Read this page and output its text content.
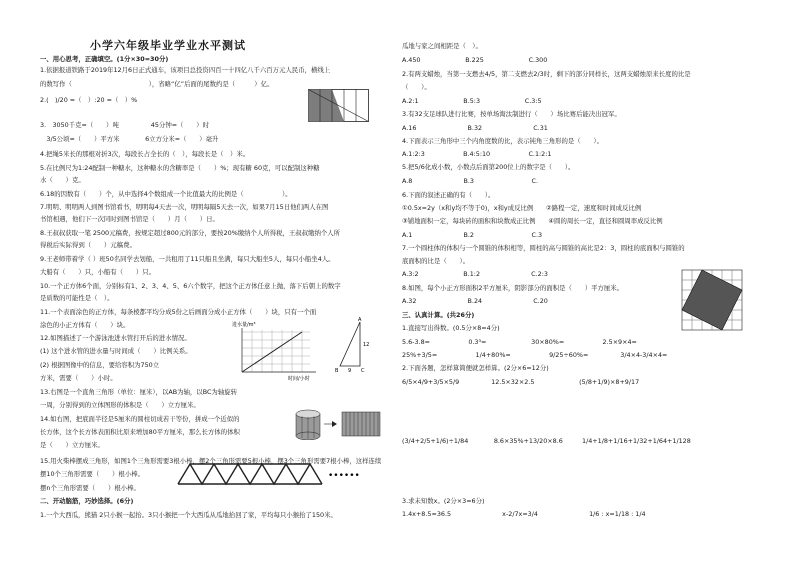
小学六年级毕业学业水平测试
一、用心思考，正确填空。(1分×30=30分)
1.依据报道铁路于2019年12月6日正式通车，该项目总投资四百一十四亿八千六百万元人民币，横线上
的数写作（　　　　　　　　　　　　），省略“亿”后面的尾数约是（　　　）亿。
2.(　)/20 =（　）:20 =（　）%
3.　3050千克=（　　）吨　　　　　45分钟=（　　）时
　3/5公顷=（　　）平方米　　　　6立方分米=（　　）毫升
4.把绳5米长的那根对折3次，每段长占全长的（　），每段长是（　）米。
5.在比例尺为1:24配制一种糖水，这种糖水的含糖率是（　　）%；现有糖 60克，可以配制这种糖
水（　　）克。
6.18的因数有（　　）个，从中选择4个数组成一个比值最大的比例是（　　　　　　）。
7.明明、明明两人到图书馆看书，明明每4天去一次，明明每隔5天去一次，如果7月15日他们两人在图
书馆相遇，他们下一次同时到图书馆是（　　）月（　　）日。
8.王叔叔获取一笔 2500元稿费，按规定超过800元的部分，要按20%缴纳个人所得税，王叔叔缴纳个人所
得税后实际得到（　　）元稿费。
9.王老师带着学（ ）班50名同学去划船，一共租用了11只船且坐满，每只大船坐5人，每只小船坐4人。
大船有（　　）只，小船有（　　）只。
10.一个正方体6个面，分别标有1、2、3、4、5、6六个数字，把这个正方体任意上抛，落下后朝上的数字
是质数的可能性是（　）。
11.一个表面涂色的正方体，每条棱都平均分成5份之后画面分成小正方体（　　）块，只有一个面
涂色的小正方体有（　　）块。
12.如图描述了一个游泳池进水管打开后的进水情况。
(1) 这个进水管的进水量与时间成（　　）比例关系。
(2) 根据图像中的信息，要给容积为750立
方米，需要（　　）小时。
13.右图是一个直角三角形（单位：厘米），以AB为轴，以BC为轴旋转
一周，分别得到的立体图形的体积是（　　）立方厘米。
14.如右图，把底面半径是5厘米的圆柱切成若干等份，拼成一个近似的
长方体，这个长方体表面积比原来增加80平方厘米，那么长方体的体积
是（　　）立方厘米。
15.用火柴棒摆成三角形，如图1个三角形需要3根小棒，摆2个三角形需要5根小棒，摆3个三角形需要7根小棒，这样连续
摆10个三角形需要（　　）根小棒。
摆n个三角形需要（　　）根小棒。
二、开动脑筋，巧妙选择。(6分)
1.一个大西瓜，熊猫 2只小猴一起抬。3只小猴把一个大西瓜从瓜地抬回了家，平均每只小猴抬了150米。
进水量/m³
时间/小时
A
B	C
12
9
••••••
瓜地与家之间相距是（　）。
A.450　　　　　　　B.225　　　　　　　C.300
2.有两支蜡烛，当第一支燃去4/5，第二支燃去2/3时，剩下的部分同样长，这两支蜡烛原来长度的比是
（　　）。
A.2:1　　　　　　　B.5:3　　　　　　　C.3:5
3.有32支足球队进行比赛，按单场淘汰制进行（　　）场比赛后能决出冠军。
A.16　　　　　　　　B.32　　　　　　　　C.31
4.下面表示三角形中三个内角度数的比，表示钝角三角形的是（　　）。
A.1:2:3　　　　　　B.4:5:10　　　　　　C.1:2:1
5.把5/6化成小数，小数点后面第200位上的数字是（　　）。
A.8　　　　　　　　B.3　　　　　　　　　C.
6.下面的叙述正确的有（　　）。
①0.5x=2y（x和y均不等于0)，x和y成反比例　　②路程一定，速度和时间成反比例
③铺地面积一定，每块砖的面积和块数成正比例　　④圆的周长一定，直径和圆周率成反比例
A.1　　　　　　　　B.2　　　　　　　　　C.3
7.一个圆柱体的体积与一个圆锥的体积相等，圆柱的高与圆锥的高比是2：3，圆柱的底面积与圆锥的
底面积的比是（　　）。
A.3:2　　　　　　　B.1:2　　　　　　　　C.2:3
8.如图，每个小正方形面积2平方厘米，阴影部分的面积是（　　）平方厘米。
A.32　　　　　　　　B.24　　　　　　　　C.20
三、认真计算。(共26分)
1.直接写出得数。(0.5分×8=4分)
5.6-3.8=　　　　　　0.3³=　　　　　　　30×80%=　　　　　　2.5×9×4=
25%+3/5=　　　　　　1/4+80%=　　　　　　9/25÷60%=　　　　　3/4×4-3/4×4=
2.下面各题，怎样算简便就怎样算。(2分×6=12分)
6/5×4/9+3/5×5/9　　　　　12.5×32×2.5　　　　　　　(5/8+1/9)×8+9/17
(3/4+2/5+1/6)÷1/84　　　　8.6×35%+13/20×8.6　　　1/4+1/8+1/16+1/32+1/64+1/128
3.求未知数x。(2分×3=6分)
1.4x+8.5=36.5　　　　　　　　x-2/7x=3/4　　　　　　　　1/6 : x=1/18 : 1/4
